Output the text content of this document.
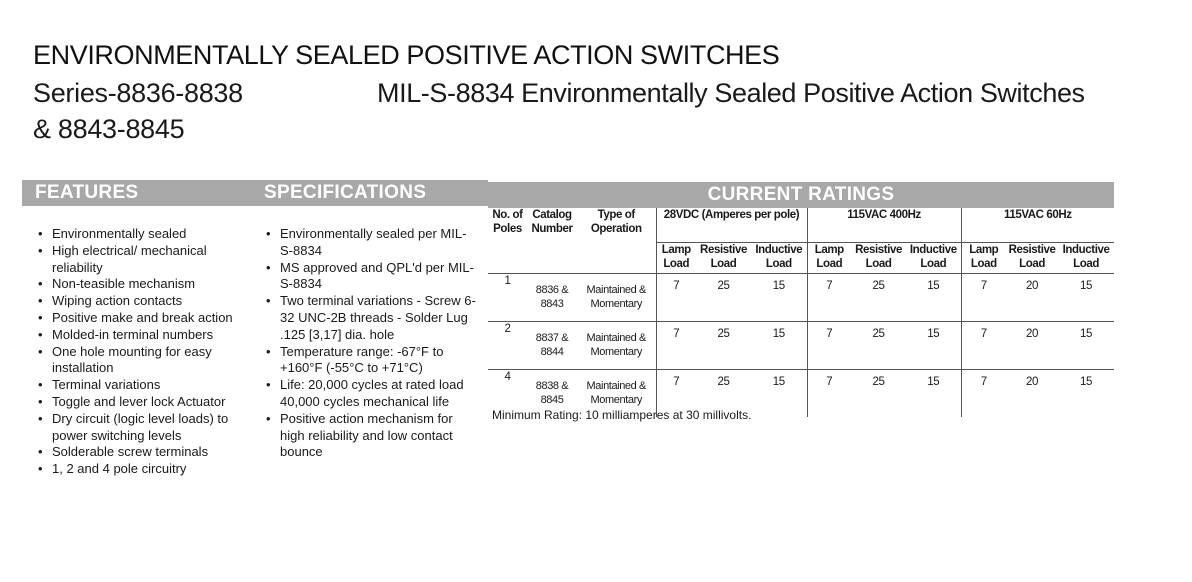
ENVIRONMENTALLY SEALED POSITIVE ACTION SWITCHES
Series-8836-8838
& 8843-8845
MIL-S-8834 Environmentally Sealed Positive Action Switches
FEATURES	SPECIFICATIONS	CURRENT RATINGS
• Environmentally sealed
• High electrical/ mechanical reliability
• Non-teasible mechanism
• Wiping action contacts
• Positive make and break action
• Molded-in terminal numbers
• One hole mounting for easy installation
• Terminal variations
• Toggle and lever lock Actuator
• Dry circuit (logic level loads) to power switching levels
• Solderable screw terminals
• 1, 2 and 4 pole circuitry
• Environmentally sealed per MIL-S-8834
• MS approved and QPL'd per MIL-S-8834
• Two terminal variations - Screw 6-32 UNC-2B threads - Solder Lug .125 [3,17] dia. hole
• Temperature range: -67°F to +160°F (-55°C to +71°C)
• Life: 20,000 cycles at rated load 40,000 cycles mechanical life
• Positive action mechanism for high reliability and low contact bounce
No. of Poles	Catalog Number	Type of Operation	28VDC (Amperes per pole)			115VAC 400Hz			115VAC 60Hz		
			Lamp Load	Resistive Load	Inductive Load	Lamp Load	Resistive Load	Inductive Load	Lamp Load	Resistive Load	Inductive Load
1	8836 & 8843	Maintained & Momentary	7	25	15	7	25	15	7	20	15
2	8837 & 8844	Maintained & Momentary	7	25	15	7	25	15	7	20	15
4	8838 & 8845	Maintained & Momentary	7	25	15	7	25	15	7	20	15
Minimum Rating: 10 milliamperes at 30 millivolts.
